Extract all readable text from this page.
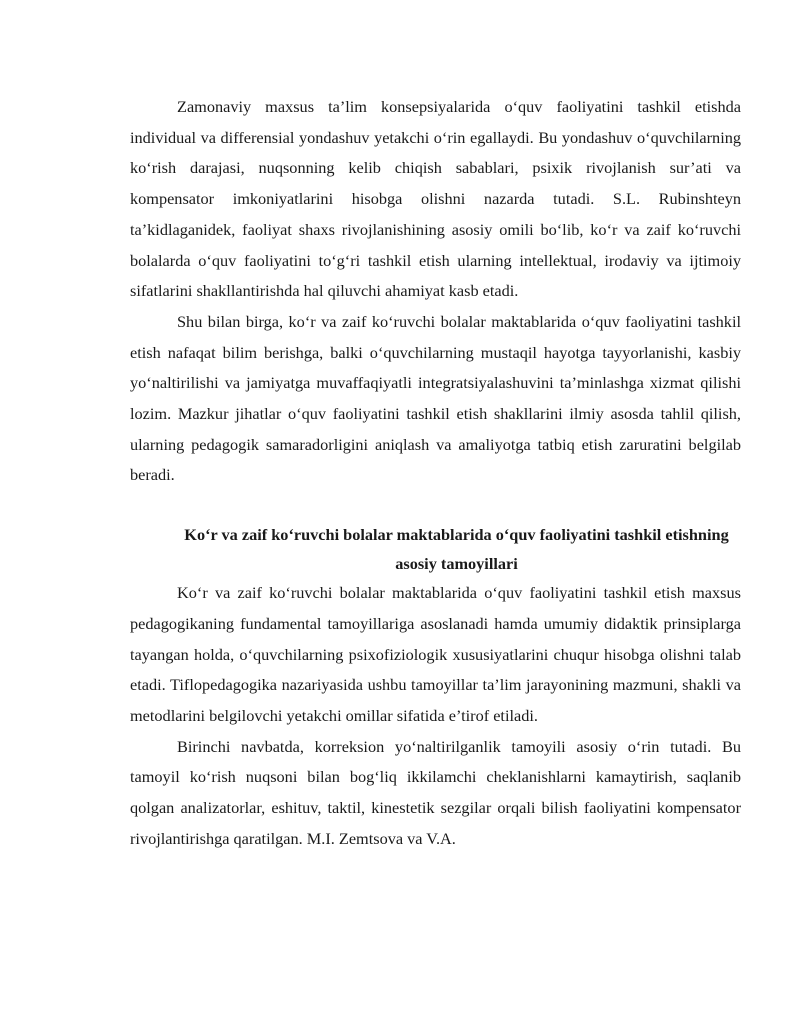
Zamonaviy maxsus ta’lim konsepsiyalarida o‘quv faoliyatini tashkil etishda individual va differensial yondashuv yetakchi o‘rin egallaydi. Bu yondashuv o‘quvchilarning ko‘rish darajasi, nuqsonning kelib chiqish sabablari, psixik rivojlanish sur’ati va kompensator imkoniyatlarini hisobga olishni nazarda tutadi. S.L. Rubinshteyn ta’kidlaganidek, faoliyat shaxs rivojlanishining asosiy omili bo‘lib, ko‘r va zaif ko‘ruvchi bolalarda o‘quv faoliyatini to‘g‘ri tashkil etish ularning intellektual, irodaviy va ijtimoiy sifatlarini shakllantirishda hal qiluvchi ahamiyat kasb etadi.

Shu bilan birga, ko‘r va zaif ko‘ruvchi bolalar maktablarida o‘quv faoliyatini tashkil etish nafaqat bilim berishga, balki o‘quvchilarning mustaqil hayotga tayyorlanishi, kasbiy yo‘naltirilishi va jamiyatga muvaffaqiyatli integratsiyalashuvini ta’minlashga xizmat qilishi lozim. Mazkur jihatlar o‘quv faoliyatini tashkil etish shakllarini ilmiy asosda tahlil qilish, ularning pedagogik samaradorligini aniqlash va amaliyotga tatbiq etish zaruratini belgilab beradi.

Ko‘r va zaif ko‘ruvchi bolalar maktablarida o‘quv faoliyatini tashkil etishning asosiy tamoyillari

Ko‘r va zaif ko‘ruvchi bolalar maktablarida o‘quv faoliyatini tashkil etish maxsus pedagogikaning fundamental tamoyillariga asoslanadi hamda umumiy didaktik prinsiplarga tayangan holda, o‘quvchilarning psixofiziologik xususiyatlarini chuqur hisobga olishni talab etadi. Tiflopedagogika nazariyasida ushbu tamoyillar ta’lim jarayonining mazmuni, shakli va metodlarini belgilovchi yetakchi omillar sifatida e’tirof etiladi.

Birinchi navbatda, korreksion yo‘naltirilganlik tamoyili asosiy o‘rin tutadi. Bu tamoyil ko‘rish nuqsoni bilan bog‘liq ikkilamchi cheklanishlarni kamaytirish, saqlanib qolgan analizatorlar, eshituv, taktil, kinestetik sezgilar orqali bilish faoliyatini kompensator rivojlantirishga qaratilgan. M.I. Zemtsova va V.A.
